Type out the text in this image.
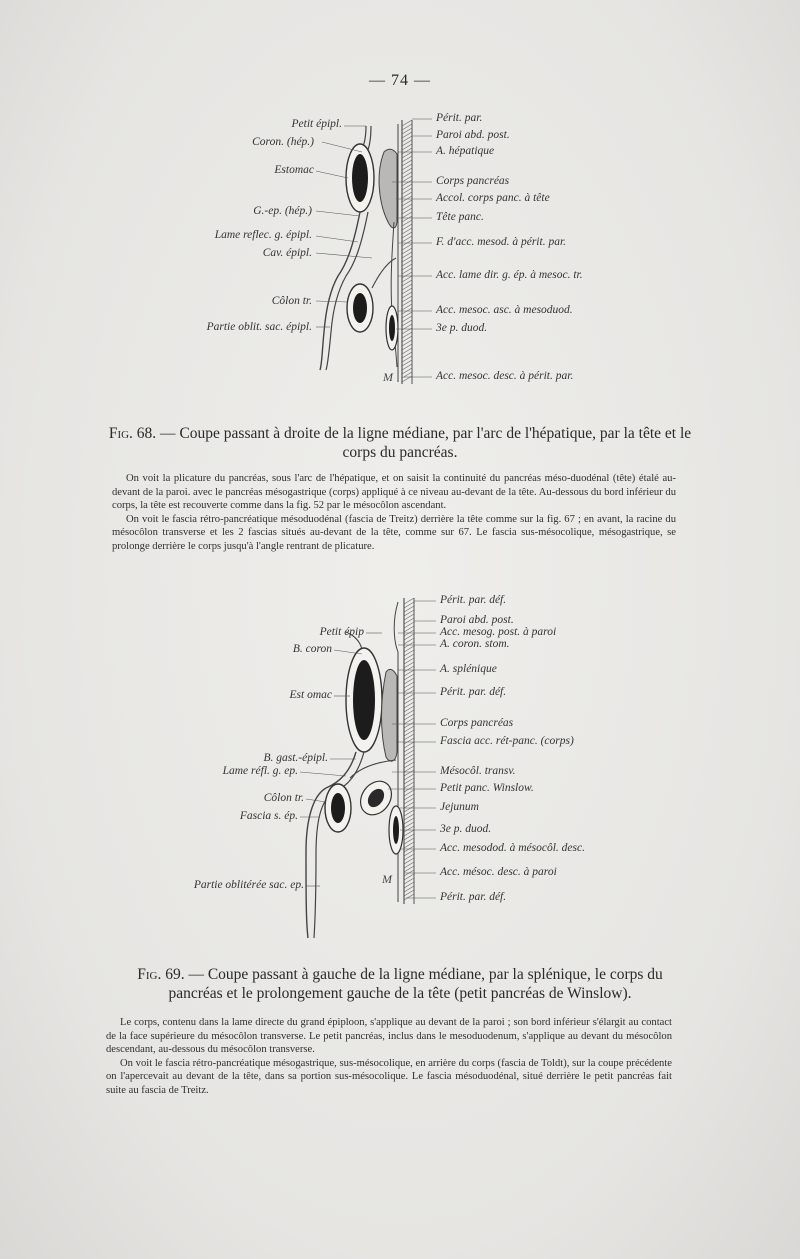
— 74 —
Petit épipl.
Coron. (hép.)
Estomac
G.-ep. (hép.)
Lame reflec. g. épipl.
Cav. épipl.
Côlon tr.
Partie oblit. sac. épipl.
Périt. par.
Paroi abd. post.
A. hépatique
Corps pancréas
Accol. corps panc. à tête
Tête panc.
F. d'acc. mesod. à périt. par.
Acc. lame dir. g. ép. à mesoc. tr.
Acc. mesoc. asc. à mesoduod.
3e p. duod.
Acc. mesoc. desc. à périt. par.
M
Fig. 68. — Coupe passant à droite de la ligne médiane, par l'arc de l'hépatique, par la tête et le corps du pancréas.

On voit la plicature du pancréas, sous l'arc de l'hépatique, et on saisit la continuité du pancréas méso-duodénal (tête) étalé au-devant de la paroi. avec le pancréas mésogastrique (corps) appliqué à ce niveau au-devant de la tête. Au-dessous du bord inférieur du corps, la tête est recouverte comme dans la fig. 52 par le mésocôlon ascendant.

On voit le fascia rétro-pancréatique mésoduodénal (fascia de Treitz) derrière la tête comme sur la fig. 67 ; en avant, la racine du mésocôlon transverse et les 2 fascias situés au-devant de la tête, comme sur 67. Le fascia sus-mésocolique, mésogastrique, se prolonge derrière le corps jusqu'à l'angle rentrant de plicature.

Petit épip
B. coron
Est omac
B. gast.-épipl.
Lame réfl. g. ep.
Côlon tr.
Fascia s. ép.
Partie oblitérée sac. ep.
Périt. par. déf.
Paroi abd. post.
Acc. mesog. post. à paroi
A. coron. stom.
A. splénique
Périt. par. déf.
Corps pancréas
Fascia acc. rét-panc. (corps)
Mésocôl. transv.
Petit panc. Winslow.
Jejunum
3e p. duod.
Acc. mesodod. à mésocôl. desc.
Acc. mésoc. desc. à paroi
Périt. par. déf.
M
Fig. 69. — Coupe passant à gauche de la ligne médiane, par la splénique, le corps du pancréas et le prolongement gauche de la tête (petit pancréas de Winslow).

Le corps, contenu dans la lame directe du grand épiploon, s'applique au devant de la paroi ; son bord inférieur s'élargit au contact de la face supérieure du mésocôlon transverse. Le petit pancréas, inclus dans le mesoduodenum, s'applique au devant du mésocôlon descendant, au-dessous du mésocôlon transverse.

On voit le fascia rétro-pancréatique mésogastrique, sus-mésocolique, en arrière du corps (fascia de Toldt), sur la coupe précédente on l'apercevait au devant de la tête, dans sa portion sus-mésocolique. Le fascia mésoduodénal, situé derrière le petit pancréas fait suite au fascia de Treitz.
